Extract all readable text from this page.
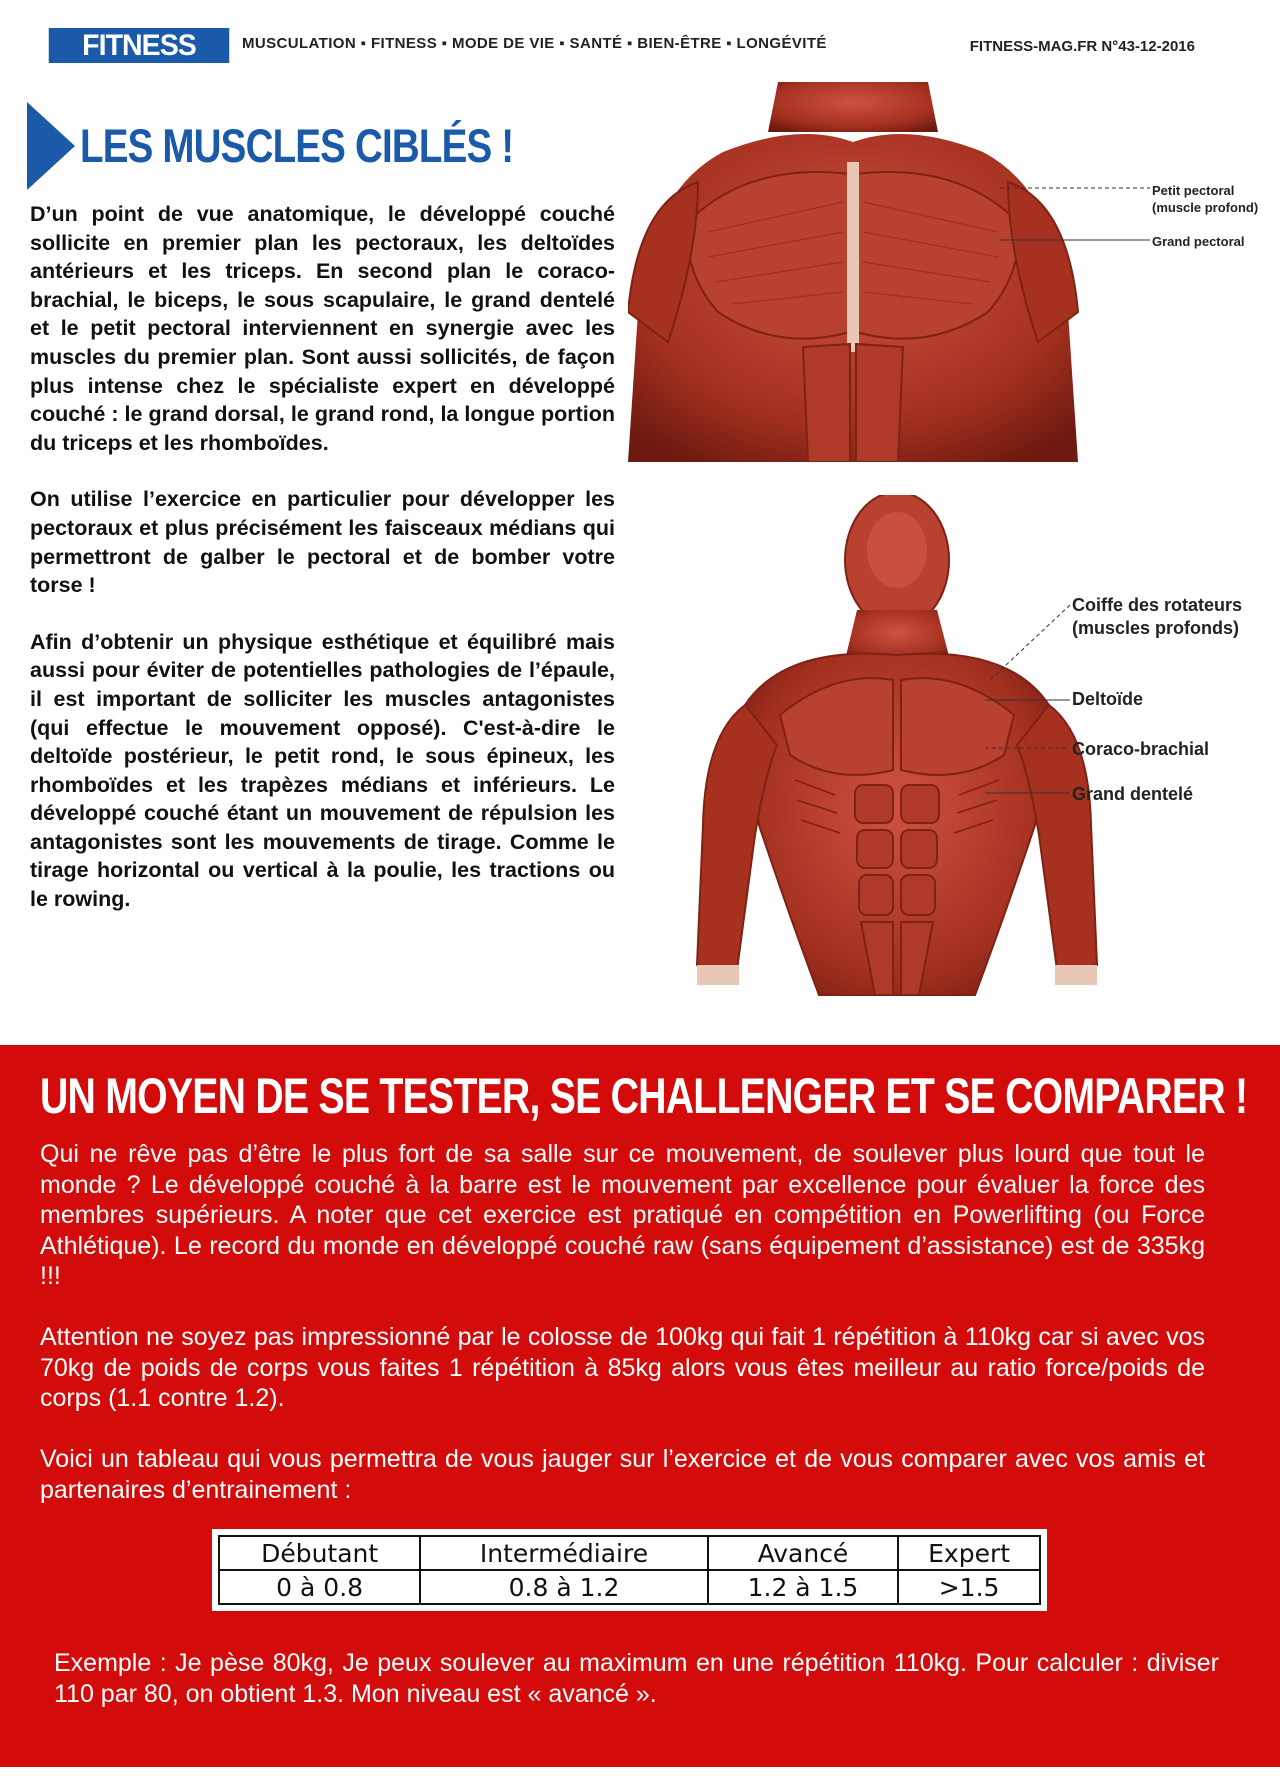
FITNESS MAG
MUSCULATION ▪ FITNESS ▪ MODE DE VIE ▪ SANTÉ ▪ BIEN-ÊTRE ▪ LONGÉVITÉ	FITNESS-MAG.FR N°43-12-2016
LES MUSCLES CIBLÉS !

D’un point de vue anatomique, le développé couché sollicite en premier plan les pectoraux, les deltoïdes antérieurs et les triceps. En second plan le coraco-brachial, le biceps, le sous scapulaire, le grand dentelé et le petit pectoral interviennent en synergie avec les muscles du premier plan. Sont aussi sollicités, de façon plus intense chez le spécialiste expert en développé couché : le grand dorsal, le grand rond, la longue portion du triceps et les rhomboïdes.

On utilise l’exercice en particulier pour développer les pectoraux et plus précisément les faisceaux médians qui permettront de galber le pectoral et de bomber votre torse !

Afin d’obtenir un physique esthétique et équilibré mais aussi pour éviter de potentielles pathologies de l’épaule, il est important de solliciter les muscles antagonistes (qui effectue le mouvement opposé). C'est-à-dire le deltoïde postérieur, le petit rond, le sous épineux, les rhomboïdes et les trapèzes médians et inférieurs. Le développé couché étant un mouvement de répulsion les antagonistes sont les mouvements de tirage. Comme le tirage horizontal ou vertical à la poulie, les tractions ou le rowing.

Petit pectoral
(muscle profond)
Grand pectoral
Coiffe des rotateurs
(muscles profonds)
Deltoïde
Coraco-brachial
Grand dentelé
UN MOYEN DE SE TESTER, SE CHALLENGER ET SE COMPARER !

Qui ne rêve pas d’être le plus fort de sa salle sur ce mouvement, de soulever plus lourd que tout le monde ? Le développé couché à la barre est le mouvement par excellence pour évaluer la force des membres supérieurs. A noter que cet exercice est pratiqué en compétition en Powerlifting (ou Force Athlétique). Le record du monde en développé couché raw (sans équipement d’assistance) est de 335kg !!!

Attention ne soyez pas impressionné par le colosse de 100kg qui fait 1 répétition à 110kg car si avec vos 70kg de poids de corps vous faites 1 répétition à 85kg alors vous êtes meilleur au ratio force/poids de corps (1.1 contre 1.2).

Voici un tableau qui vous permettra de vous jauger sur l’exercice et de vous comparer avec vos amis et partenaires d’entrainement :

Débutant	Intermédiaire	Avancé	Expert
0 à 0.8	0.8 à 1.2	1.2 à 1.5	>1.5
Exemple : Je pèse 80kg, Je peux soulever au maximum en une répétition 110kg. Pour calculer : diviser 110 par 80, on obtient 1.3. Mon niveau est « avancé ».
